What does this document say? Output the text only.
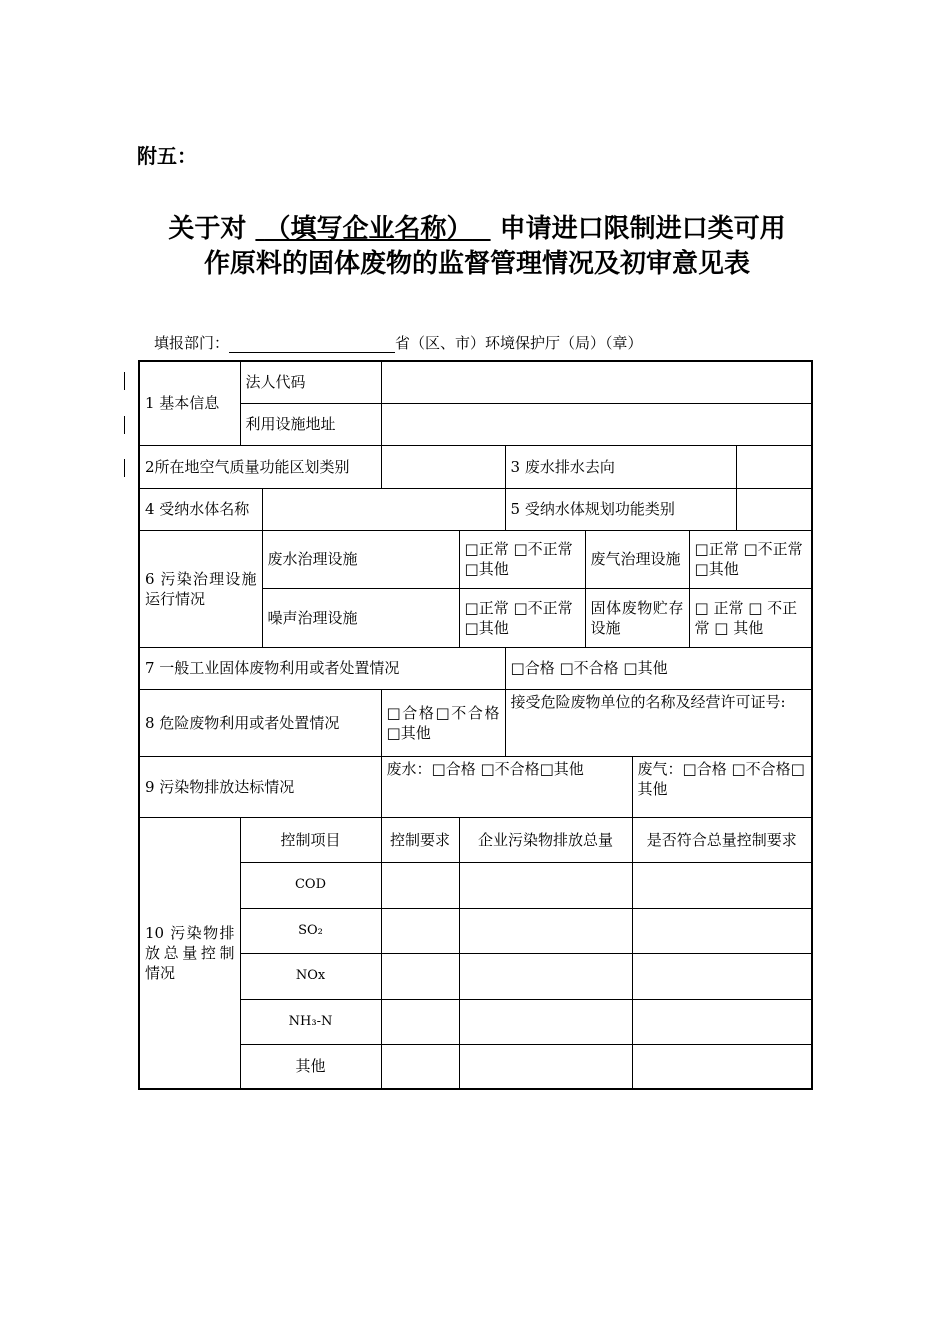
附五：
关于对 （填写企业名称） 申请进口限制进口类可用
作原料的固体废物的监督管理情况及初审意见表
填报部门：	省（区、市）环境保护厅（局）（章）
1 基本信息	法人代码								
	利用设施地址								
2所在地空气质量功能区划类别					3 废水排水去向				
4 受纳水体名称					5 受纳水体规划功能类别				
6 污染治理设施运行情况		废水治理设施		□正常 □不正常 □其他		废气治理设施		□正常 □不正常 □其他	
		噪声治理设施		□正常 □不正常 □其他		固体废物贮存设施		□ 正常 □ 不正常 □ 其他	
7 一般工业固体废物利用或者处置情况					□合格 □不合格 □其他				
8 危险废物利用或者处置情况			□合格□不合格 □其他		接受危险废物单位的名称及经营许可证号:				
9 污染物排放达标情况			废水：□合格 □不合格□其他				废气：□合格 □不合格□其他		
10 污染物排放总量控制情况	控制项目		控制要求	企业污染物排放总量			是否符合总量控制要求		
	COD								
	SO₂								
	NOx								
	NH₃-N								
	其他								
